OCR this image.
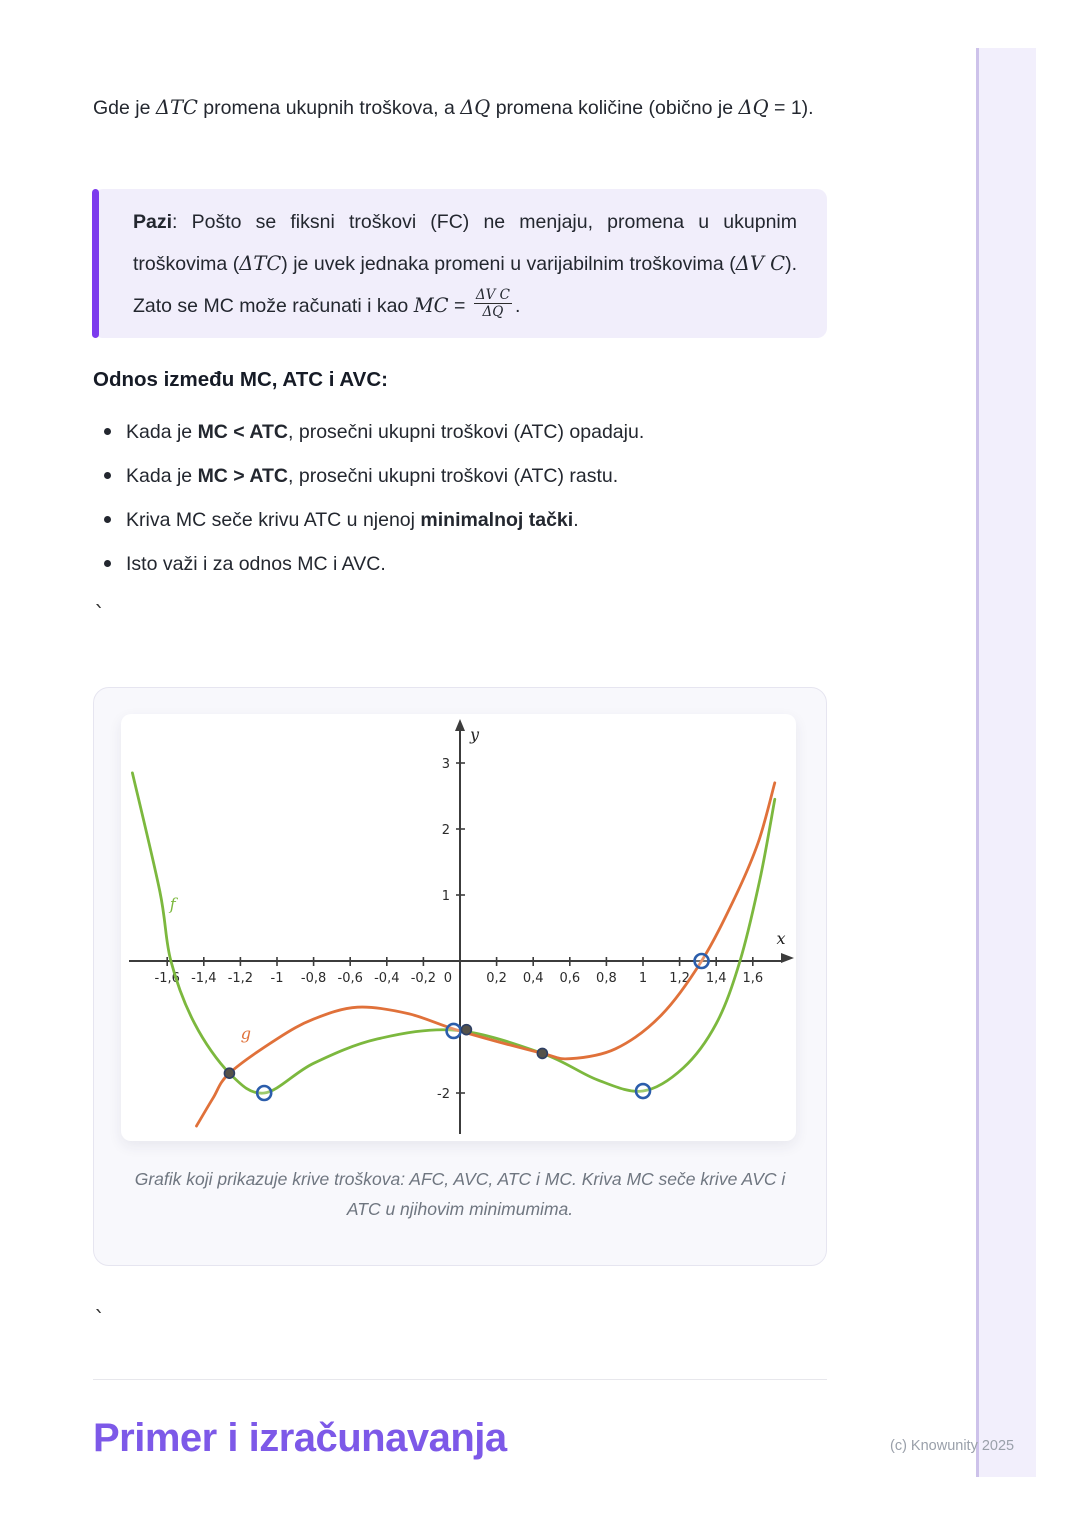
Gde je ΔTC promena ukupnih troškova, a ΔQ promena količine (obično je ΔQ = 1).
Pazi: Pošto se fiksni troškovi (FC) ne menjaju, promena u ukupnim troškovima (ΔTC) je uvek jednaka promeni u varijabilnim troškovima (ΔV C). Zato se MC može računati i kao MC = $\frac{\text{ΔV C}}{\Delta Q}$ .
Odnos između MC, ATC i AVC:
Kada je MC < ATC, prosečni ukupni troškovi (ATC) opadaju.
Kada je MC > ATC, prosečni ukupni troškovi (ATC) rastu.
Kriva MC seče krivu ATC u njenoj minimalnoj tački.
Isto važi i za odnos MC i AVC.
`
x
y
-1,6 -1,4 -1,2 -1 -0,8 -0,6 -0,4 -0,2 0	0,2 0,4 0,6 0,8 1 1,2 1,4 1,6
3
2
1
-2
f
g
Grafik koji prikazuje krive troškova: AFC, AVC, ATC i MC. Kriva MC seče krive AVC i ATC u njihovim minimumima.
`
Primer i izračunavanja	(c) Knowunity 2025
